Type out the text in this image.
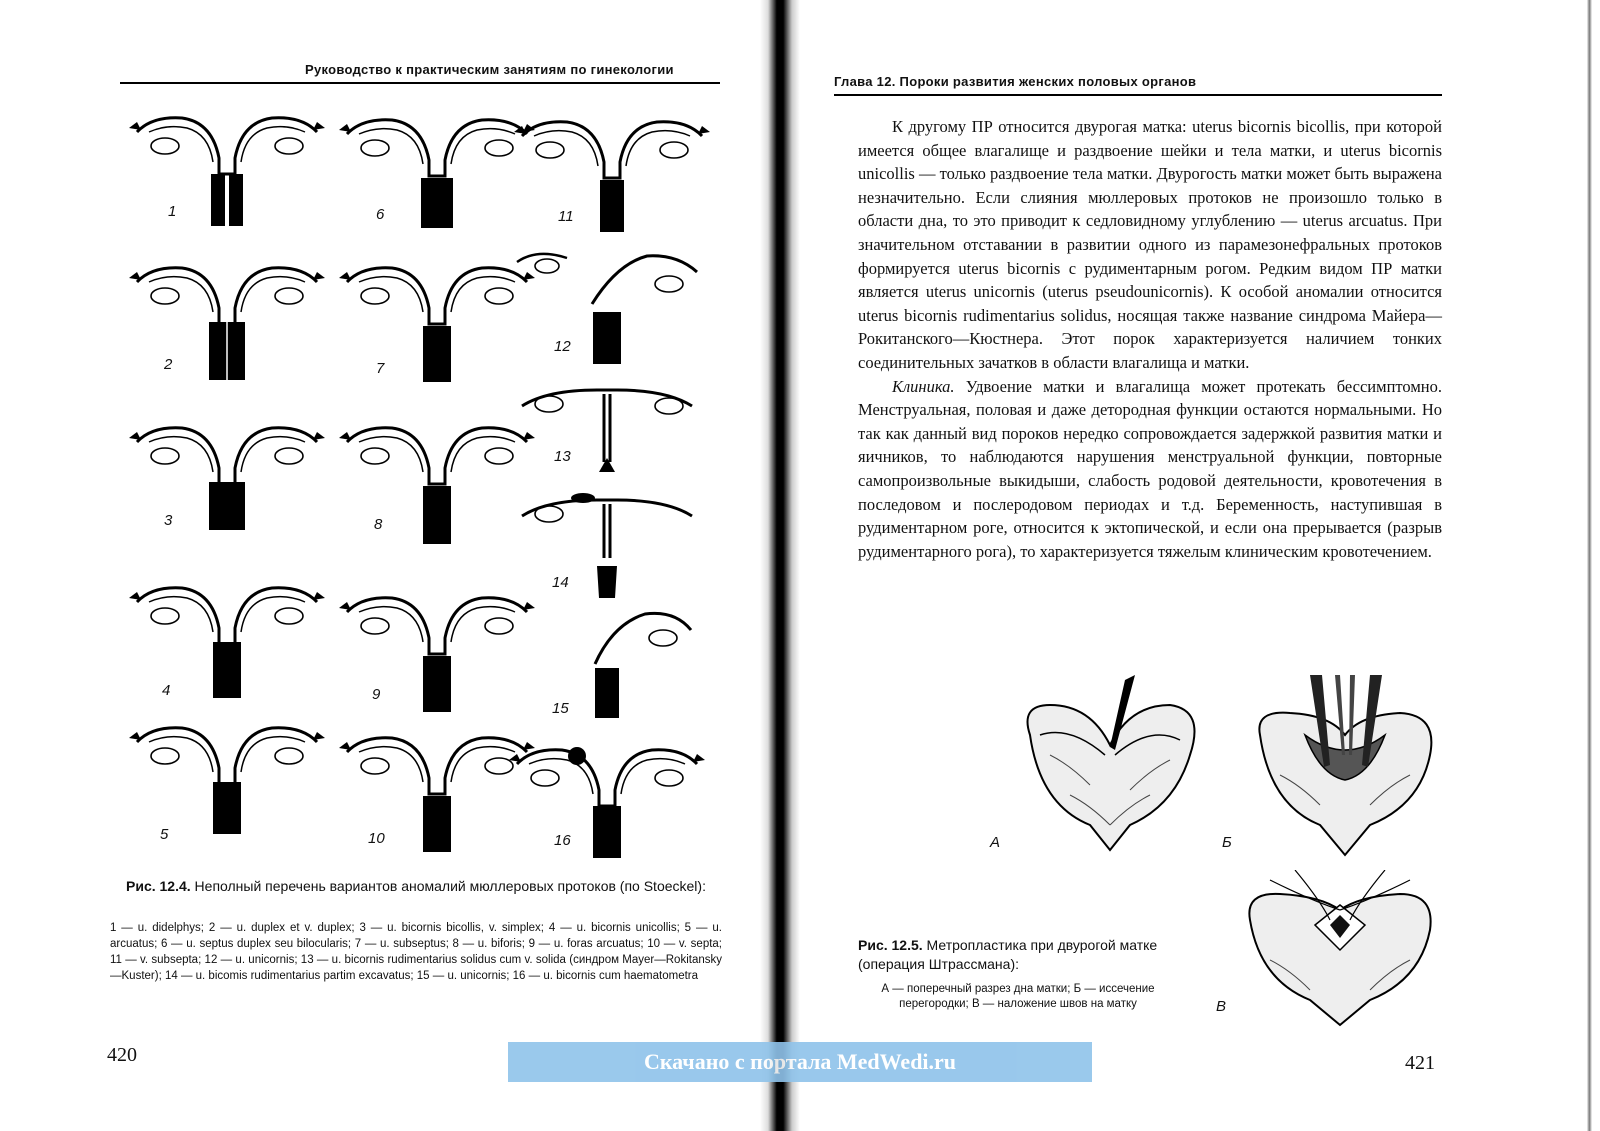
Руководство к практическим занятиям по гинекологии
1	6	11
2	7
12
13
3	8
14
4	9
15
5	10	16
Рис. 12.4. Неполный перечень вариантов аномалий мюллеровых протоков (по Stoeckel):
1 — u. didelphys; 2 — u. duplex et v. duplex; 3 — u. bicornis bicollis, v. simplex; 4 — u. bicornis unicollis; 5 — u. arcuatus; 6 — u. septus duplex seu bilocularis; 7 — u. subseptus; 8 — u. biforis; 9 — u. foras arcuatus; 10 — v. septa; 11 — v. subsepta; 12 — u. unicornis; 13 — u. bicornis rudimentarius solidus cum v. solida (синдром Mayer—Rokitansky—Kuster); 14 — u. bicomis rudimentarius partim excavatus; 15 — u. unicornis; 16 — u. bicornis cum haematometra
420
Глава 12. Пороки развития женских половых органов

К другому ПР относится двурогая матка: uterus bicornis bicollis, при которой имеется общее влагалище и раздвоение шейки и тела матки, и uterus bicornis unicollis — только раздвоение тела матки. Двурогость матки может быть выражена незначительно. Если слияния мюллеровых протоков не произошло только в области дна, то это приводит к седловидному углублению — uterus arcuatus. При значительном отставании в развитии одного из парамезонефральных протоков формируется uterus bicornis с рудиментарным рогом. Редким видом ПР матки является uterus unicornis (uterus pseudounicornis). К особой аномалии относится uterus bicornis rudimentarius solidus, носящая также название синдрома Майера—Рокитанского—Кюстнера. Этот порок характеризуется наличием тонких соединительных зачатков в области влагалища и матки.

Клиника. Удвоение матки и влагалища может протекать бессимптомно. Менструальная, половая и даже детородная функции остаются нормальными. Но так как данный вид пороков нередко сопровождается задержкой развития матки и яичников, то наблюдаются нарушения менструальной функции, повторные самопроизвольные выкидыши, слабость родовой деятельности, кровотечения в последовом и послеродовом периодах и т.д. Беременность, наступившая в рудиментарном роге, относится к эктопической, и если она прерывается (разрыв рудиментарного рога), то характеризуется тяжелым клиническим кровотечением.

А	Б
В
Рис. 12.5. Метропластика при двурогой матке (операция Штрассмана):
А — поперечный разрез дна матки; Б — иссечение перегородки; В — наложение швов на матку
421
Скачано с портала MedWedi.ru
